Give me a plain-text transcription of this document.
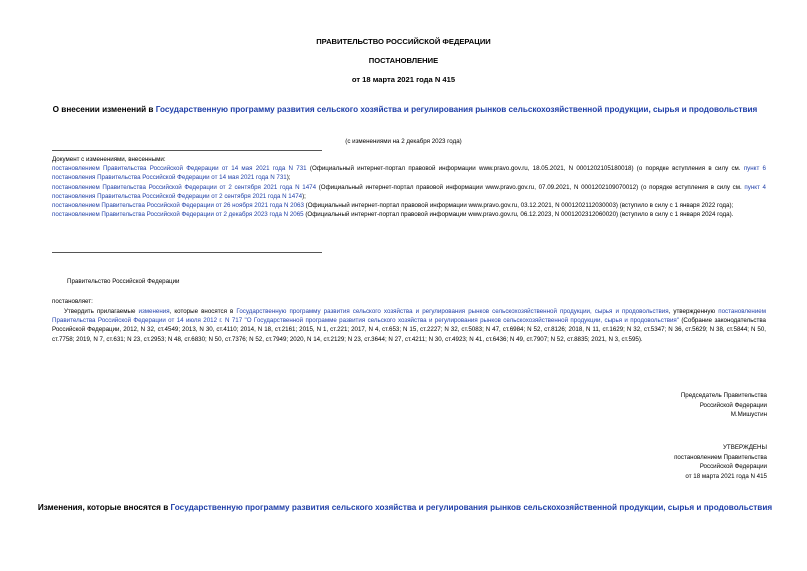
ПРАВИТЕЛЬСТВО РОССИЙСКОЙ ФЕДЕРАЦИИ
ПОСТАНОВЛЕНИЕ
от 18 марта 2021 года N 415
О внесении изменений в Государственную программу развития сельского хозяйства и регулирования рынков сельскохозяйственной продукции, сырья и продовольствия
(с изменениями на 2 декабря 2023 года)
Документ с изменениями, внесенными:
постановлением Правительства Российской Федерации от 14 мая 2021 года N 731 (Официальный интернет-портал правовой информации www.pravo.gov.ru, 18.05.2021, N 0001202105180018) (о порядке вступления в силу см. пункт 6 постановления Правительства Российской Федерации от 14 мая 2021 года N 731);
постановлением Правительства Российской Федерации от 2 сентября 2021 года N 1474 (Официальный интернет-портал правовой информации www.pravo.gov.ru, 07.09.2021, N 0001202109070012) (о порядке вступления в силу см. пункт 4 постановления Правительства Российской Федерации от 2 сентября 2021 года N 1474);
постановлением Правительства Российской Федерации от 26 ноября 2021 года N 2063 (Официальный интернет-портал правовой информации www.pravo.gov.ru, 03.12.2021, N 0001202112030003) (вступило в силу с 1 января 2022 года);
постановлением Правительства Российской Федерации от 2 декабря 2023 года N 2065 (Официальный интернет-портал правовой информации www.pravo.gov.ru, 06.12.2023, N 0001202312060020) (вступило в силу с 1 января 2024 года).
Правительство Российской Федерации
постановляет:
Утвердить прилагаемые изменения, которые вносятся в Государственную программу развития сельского хозяйства и регулирования рынков сельскохозяйственной продукции, сырья и продовольствия, утвержденную постановлением Правительства Российской Федерации от 14 июля 2012 г. N 717 "О Государственной программе развития сельского хозяйства и регулирования рынков сельскохозяйственной продукции, сырья и продовольствия" (Собрание законодательства Российской Федерации, 2012, N 32, ст.4549; 2013, N 30, ст.4110; 2014, N 18, ст.2161; 2015, N 1, ст.221; 2017, N 4, ст.653; N 15, ст.2227; N 32, ст.5083; N 47, ст.6984; N 52, ст.8126; 2018, N 11, ст.1629; N 32, ст.5347; N 36, ст.5629; N 38, ст.5844; N 50, ст.7758; 2019, N 7, ст.631; N 23, ст.2953; N 48, ст.6830; N 50, ст.7376; N 52, ст.7949; 2020, N 14, ст.2129; N 23, ст.3644; N 27, ст.4211; N 30, ст.4923; N 41, ст.6436; N 49, ст.7907; N 52, ст.8835; 2021, N 3, ст.595).
Председатель Правительства
Российской Федерации
М.Мишустин
УТВЕРЖДЕНЫ
постановлением Правительства
Российской Федерации
от 18 марта 2021 года N 415
Изменения, которые вносятся в Государственную программу развития сельского хозяйства и регулирования рынков сельскохозяйственной продукции, сырья и продовольствия
